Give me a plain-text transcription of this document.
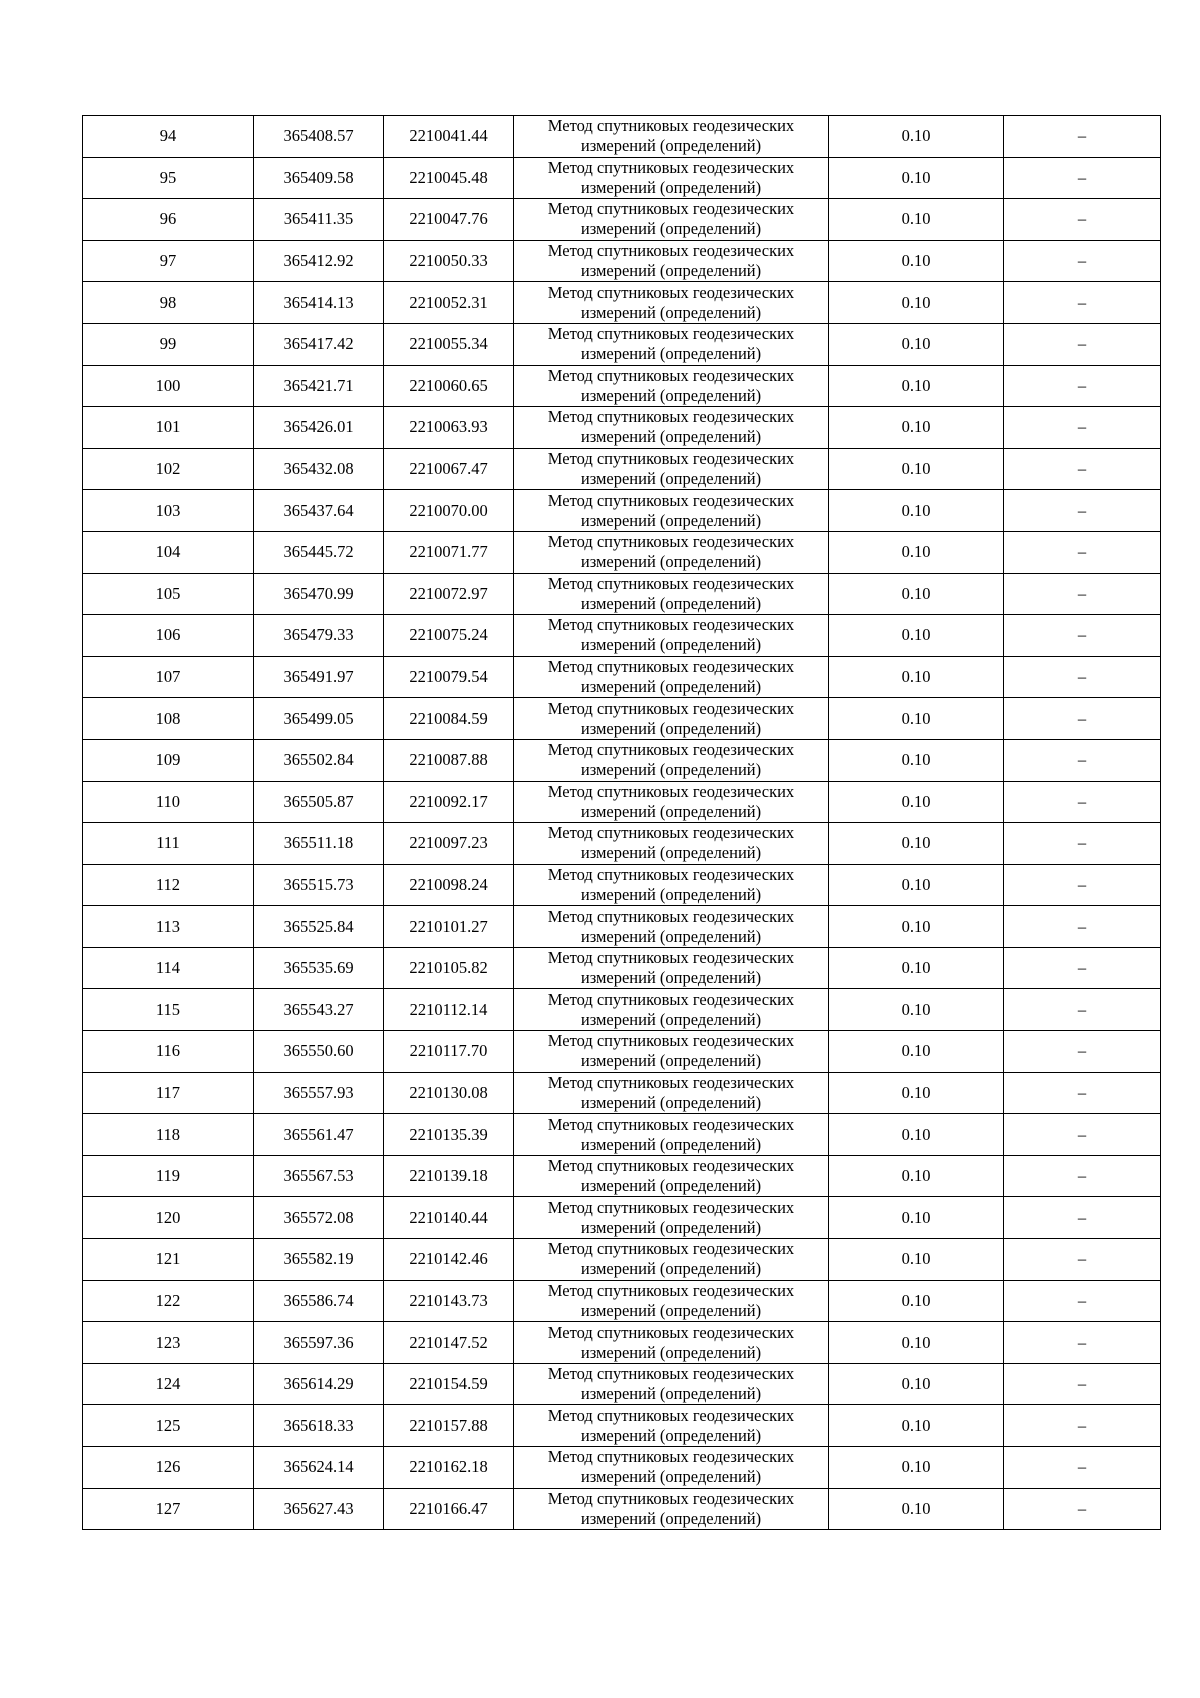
94	365408.57	2210041.44	Метод спутниковых геодезических измерений (определений)	0.10	–
95	365409.58	2210045.48	Метод спутниковых геодезических измерений (определений)	0.10	–
96	365411.35	2210047.76	Метод спутниковых геодезических измерений (определений)	0.10	–
97	365412.92	2210050.33	Метод спутниковых геодезических измерений (определений)	0.10	–
98	365414.13	2210052.31	Метод спутниковых геодезических измерений (определений)	0.10	–
99	365417.42	2210055.34	Метод спутниковых геодезических измерений (определений)	0.10	–
100	365421.71	2210060.65	Метод спутниковых геодезических измерений (определений)	0.10	–
101	365426.01	2210063.93	Метод спутниковых геодезических измерений (определений)	0.10	–
102	365432.08	2210067.47	Метод спутниковых геодезических измерений (определений)	0.10	–
103	365437.64	2210070.00	Метод спутниковых геодезических измерений (определений)	0.10	–
104	365445.72	2210071.77	Метод спутниковых геодезических измерений (определений)	0.10	–
105	365470.99	2210072.97	Метод спутниковых геодезических измерений (определений)	0.10	–
106	365479.33	2210075.24	Метод спутниковых геодезических измерений (определений)	0.10	–
107	365491.97	2210079.54	Метод спутниковых геодезических измерений (определений)	0.10	–
108	365499.05	2210084.59	Метод спутниковых геодезических измерений (определений)	0.10	–
109	365502.84	2210087.88	Метод спутниковых геодезических измерений (определений)	0.10	–
110	365505.87	2210092.17	Метод спутниковых геодезических измерений (определений)	0.10	–
111	365511.18	2210097.23	Метод спутниковых геодезических измерений (определений)	0.10	–
112	365515.73	2210098.24	Метод спутниковых геодезических измерений (определений)	0.10	–
113	365525.84	2210101.27	Метод спутниковых геодезических измерений (определений)	0.10	–
114	365535.69	2210105.82	Метод спутниковых геодезических измерений (определений)	0.10	–
115	365543.27	2210112.14	Метод спутниковых геодезических измерений (определений)	0.10	–
116	365550.60	2210117.70	Метод спутниковых геодезических измерений (определений)	0.10	–
117	365557.93	2210130.08	Метод спутниковых геодезических измерений (определений)	0.10	–
118	365561.47	2210135.39	Метод спутниковых геодезических измерений (определений)	0.10	–
119	365567.53	2210139.18	Метод спутниковых геодезических измерений (определений)	0.10	–
120	365572.08	2210140.44	Метод спутниковых геодезических измерений (определений)	0.10	–
121	365582.19	2210142.46	Метод спутниковых геодезических измерений (определений)	0.10	–
122	365586.74	2210143.73	Метод спутниковых геодезических измерений (определений)	0.10	–
123	365597.36	2210147.52	Метод спутниковых геодезических измерений (определений)	0.10	–
124	365614.29	2210154.59	Метод спутниковых геодезических измерений (определений)	0.10	–
125	365618.33	2210157.88	Метод спутниковых геодезических измерений (определений)	0.10	–
126	365624.14	2210162.18	Метод спутниковых геодезических измерений (определений)	0.10	–
127	365627.43	2210166.47	Метод спутниковых геодезических измерений (определений)	0.10	–
